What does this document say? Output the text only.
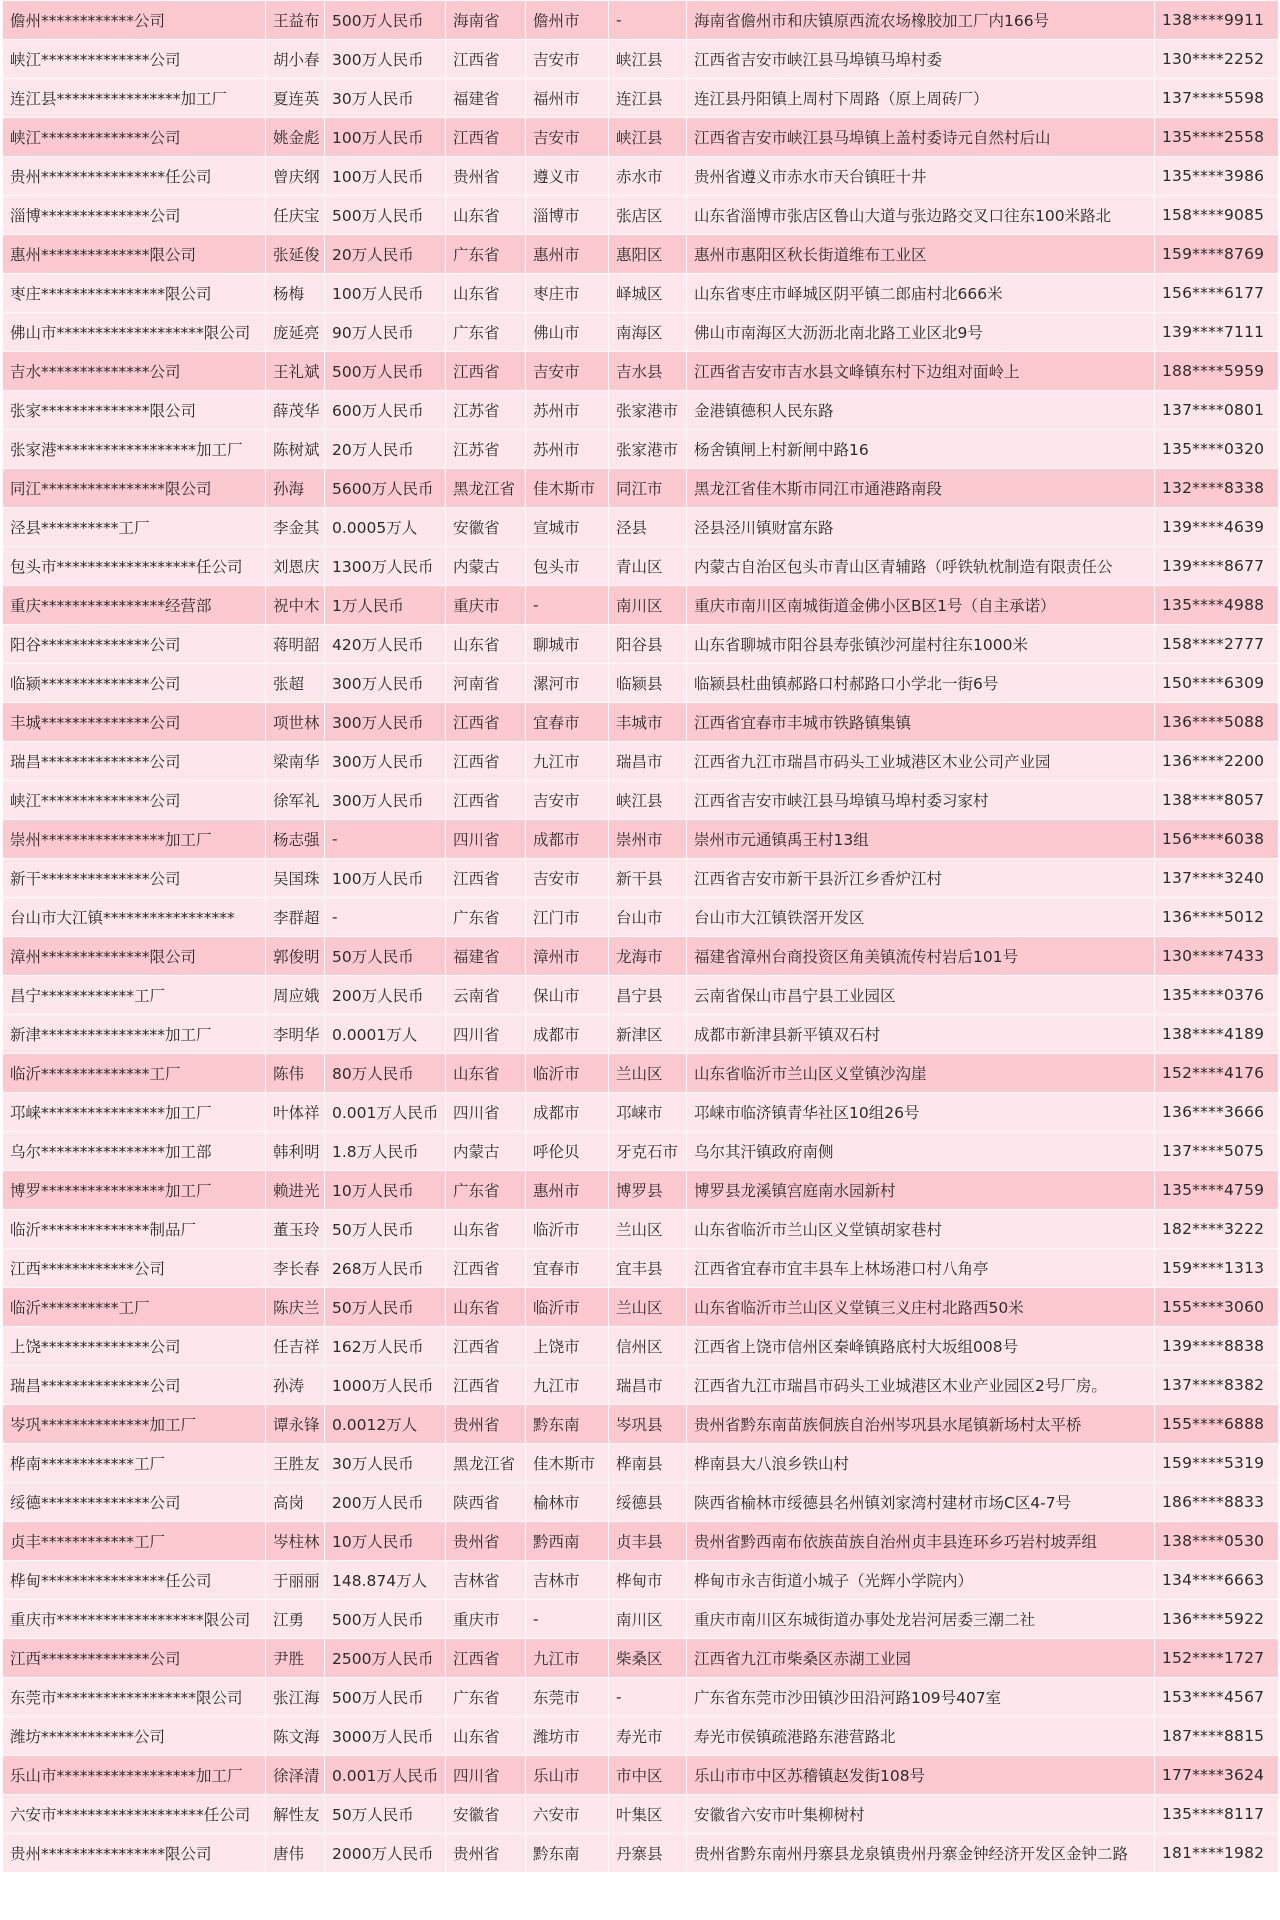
儋州************公司	王益布	500万人民币	海南省	儋州市	-	海南省儋州市和庆镇原西流农场橡胶加工厂内166号	138****9911
峡江**************公司	胡小春	300万人民币	江西省	吉安市	峡江县	江西省吉安市峡江县马埠镇马埠村委	130****2252
连江县****************加工厂	夏连英	30万人民币	福建省	福州市	连江县	连江县丹阳镇上周村下周路（原上周砖厂）	137****5598
峡江**************公司	姚金彪	100万人民币	江西省	吉安市	峡江县	江西省吉安市峡江县马埠镇上盖村委诗元自然村后山	135****2558
贵州****************任公司	曾庆纲	100万人民币	贵州省	遵义市	赤水市	贵州省遵义市赤水市天台镇旺十井	135****3986
淄博**************公司	任庆宝	500万人民币	山东省	淄博市	张店区	山东省淄博市张店区鲁山大道与张边路交叉口往东100米路北	158****9085
惠州**************限公司	张延俊	20万人民币	广东省	惠州市	惠阳区	惠州市惠阳区秋长街道维布工业区	159****8769
枣庄****************限公司	杨梅	100万人民币	山东省	枣庄市	峄城区	山东省枣庄市峄城区阴平镇二郎庙村北666米	156****6177
佛山市*******************限公司	庞延亮	90万人民币	广东省	佛山市	南海区	佛山市南海区大沥沥北南北路工业区北9号	139****7111
吉水**************公司	王礼斌	500万人民币	江西省	吉安市	吉水县	江西省吉安市吉水县文峰镇东村下边组对面岭上	188****5959
张家**************限公司	薛茂华	600万人民币	江苏省	苏州市	张家港市	金港镇德积人民东路	137****0801
张家港******************加工厂	陈树斌	20万人民币	江苏省	苏州市	张家港市	杨舍镇闸上村新闸中路16	135****0320
同江****************限公司	孙海	5600万人民币	黑龙江省	佳木斯市	同江市	黑龙江省佳木斯市同江市通港路南段	132****8338
泾县**********工厂	李金其	0.0005万人	安徽省	宣城市	泾县	泾县泾川镇财富东路	139****4639
包头市******************任公司	刘恩庆	1300万人民币	内蒙古	包头市	青山区	内蒙古自治区包头市青山区青辅路（呼铁轨枕制造有限责任公	139****8677
重庆****************经营部	祝中木	1万人民币	重庆市	-	南川区	重庆市南川区南城街道金佛小区B区1号（自主承诺）	135****4988
阳谷**************公司	蒋明韶	420万人民币	山东省	聊城市	阳谷县	山东省聊城市阳谷县寿张镇沙河崖村往东1000米	158****2777
临颍**************公司	张超	300万人民币	河南省	漯河市	临颍县	临颍县杜曲镇郝路口村郝路口小学北一街6号	150****6309
丰城**************公司	项世林	300万人民币	江西省	宜春市	丰城市	江西省宜春市丰城市铁路镇集镇	136****5088
瑞昌**************公司	梁南华	300万人民币	江西省	九江市	瑞昌市	江西省九江市瑞昌市码头工业城港区木业公司产业园	136****2200
峡江**************公司	徐军礼	300万人民币	江西省	吉安市	峡江县	江西省吉安市峡江县马埠镇马埠村委习家村	138****8057
崇州****************加工厂	杨志强	-	四川省	成都市	崇州市	崇州市元通镇禹王村13组	156****6038
新干**************公司	吴国珠	100万人民币	江西省	吉安市	新干县	江西省吉安市新干县沂江乡香炉江村	137****3240
台山市大江镇*****************	李群超	-	广东省	江门市	台山市	台山市大江镇铁滘开发区	136****5012
漳州**************限公司	郭俊明	50万人民币	福建省	漳州市	龙海市	福建省漳州台商投资区角美镇流传村岩后101号	130****7433
昌宁************工厂	周应娥	200万人民币	云南省	保山市	昌宁县	云南省保山市昌宁县工业园区	135****0376
新津****************加工厂	李明华	0.0001万人	四川省	成都市	新津区	成都市新津县新平镇双石村	138****4189
临沂**************工厂	陈伟	80万人民币	山东省	临沂市	兰山区	山东省临沂市兰山区义堂镇沙沟崖	152****4176
邛崃****************加工厂	叶体祥	0.001万人民币	四川省	成都市	邛崃市	邛崃市临济镇青华社区10组26号	136****3666
乌尔****************加工部	韩利明	1.8万人民币	内蒙古	呼伦贝	牙克石市	乌尔其汗镇政府南侧	137****5075
博罗****************加工厂	赖进光	10万人民币	广东省	惠州市	博罗县	博罗县龙溪镇宫庭南水园新村	135****4759
临沂**************制品厂	董玉玲	50万人民币	山东省	临沂市	兰山区	山东省临沂市兰山区义堂镇胡家巷村	182****3222
江西************公司	李长春	268万人民币	江西省	宜春市	宜丰县	江西省宜春市宜丰县车上林场港口村八角亭	159****1313
临沂**********工厂	陈庆兰	50万人民币	山东省	临沂市	兰山区	山东省临沂市兰山区义堂镇三义庄村北路西50米	155****3060
上饶**************公司	任吉祥	162万人民币	江西省	上饶市	信州区	江西省上饶市信州区秦峰镇路底村大坂组008号	139****8838
瑞昌**************公司	孙涛	1000万人民币	江西省	九江市	瑞昌市	江西省九江市瑞昌市码头工业城港区木业产业园区2号厂房。	137****8382
岑巩**************加工厂	谭永锋	0.0012万人	贵州省	黔东南	岑巩县	贵州省黔东南苗族侗族自治州岑巩县水尾镇新场村太平桥	155****6888
桦南************工厂	王胜友	30万人民币	黑龙江省	佳木斯市	桦南县	桦南县大八浪乡铁山村	159****5319
绥德**************公司	高岗	200万人民币	陕西省	榆林市	绥德县	陕西省榆林市绥德县名州镇刘家湾村建材市场C区4-7号	186****8833
贞丰************工厂	岑柱林	10万人民币	贵州省	黔西南	贞丰县	贵州省黔西南布依族苗族自治州贞丰县连环乡巧岩村坡弄组	138****0530
桦甸****************任公司	于丽丽	148.874万人	吉林省	吉林市	桦甸市	桦甸市永吉街道小城子（光辉小学院内）	134****6663
重庆市*******************限公司	江勇	500万人民币	重庆市	-	南川区	重庆市南川区东城街道办事处龙岩河居委三潮二社	136****5922
江西**************公司	尹胜	2500万人民币	江西省	九江市	柴桑区	江西省九江市柴桑区赤湖工业园	152****1727
东莞市******************限公司	张江海	500万人民币	广东省	东莞市	-	广东省东莞市沙田镇沙田沿河路109号407室	153****4567
潍坊************公司	陈文海	3000万人民币	山东省	潍坊市	寿光市	寿光市侯镇疏港路东港营路北	187****8815
乐山市******************加工厂	徐泽清	0.001万人民币	四川省	乐山市	市中区	乐山市市中区苏稽镇赵发街108号	177****3624
六安市*******************任公司	解性友	50万人民币	安徽省	六安市	叶集区	安徽省六安市叶集柳树村	135****8117
贵州****************限公司	唐伟	2000万人民币	贵州省	黔东南	丹寨县	贵州省黔东南州丹寨县龙泉镇贵州丹寨金钟经济开发区金钟二路	181****1982
